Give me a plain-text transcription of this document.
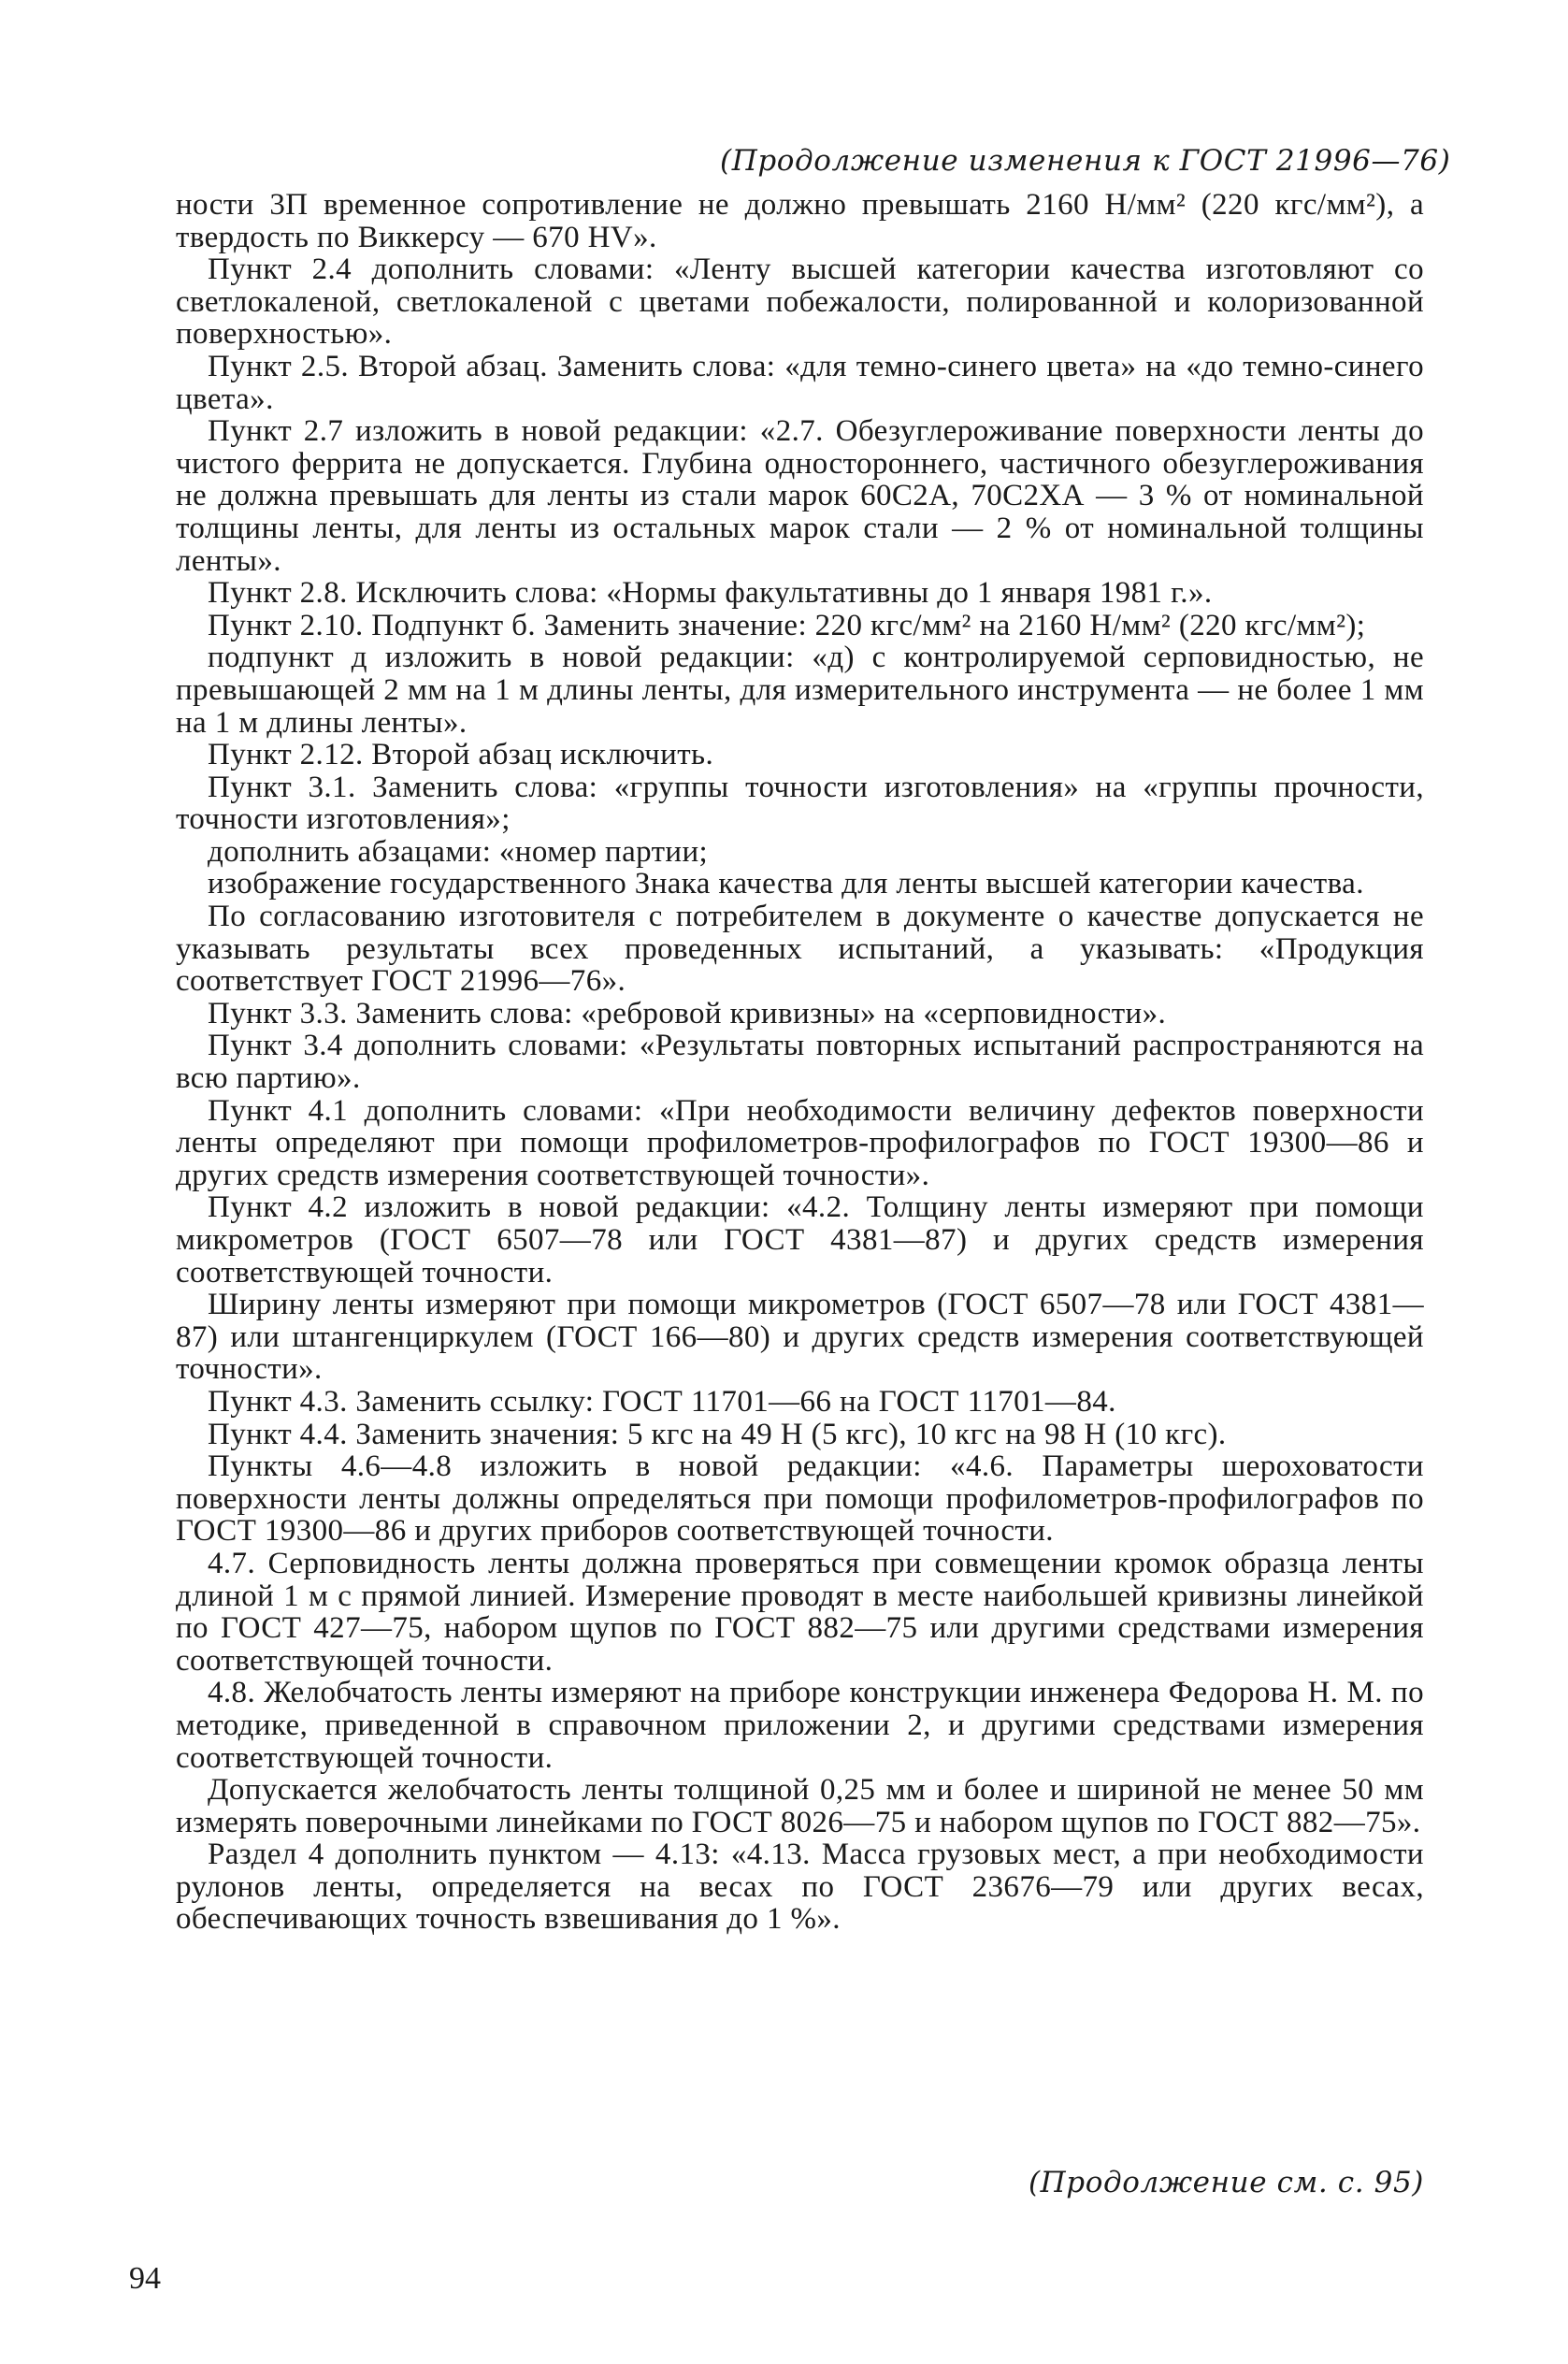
(Продолжение изменения к ГОСТ 21996—76)

ности 3П временное сопротивление не должно превышать 2160 Н/мм² (220 кгс/мм²), а твердость по Виккерсу — 670 HV».

Пункт 2.4 дополнить словами: «Ленту высшей категории качества изготовляют со светлокаленой, светлокаленой с цветами побежалости, полированной и колоризованной поверхностью».

Пункт 2.5. Второй абзац. Заменить слова: «для темно-синего цвета» на «до темно-синего цвета».

Пункт 2.7 изложить в новой редакции: «2.7. Обезуглероживание поверхности ленты до чистого феррита не допускается. Глубина одностороннего, частичного обезуглероживания не должна превышать для ленты из стали марок 60С2А, 70С2ХА — 3 % от номинальной толщины ленты, для ленты из остальных марок стали — 2 % от номинальной толщины ленты».

Пункт 2.8. Исключить слова: «Нормы факультативны до 1 января 1981 г.».

Пункт 2.10. Подпункт б. Заменить значение: 220 кгс/мм² на 2160 Н/мм² (220 кгс/мм²);

подпункт д изложить в новой редакции: «д) с контролируемой серповидностью, не превышающей 2 мм на 1 м длины ленты, для измерительного инструмента — не более 1 мм на 1 м длины ленты».

Пункт 2.12. Второй абзац исключить.

Пункт 3.1. Заменить слова: «группы точности изготовления» на «группы прочности, точности изготовления»;

дополнить абзацами: «номер партии;

изображение государственного Знака качества для ленты высшей категории качества.

По согласованию изготовителя с потребителем в документе о качестве допускается не указывать результаты всех проведенных испытаний, а указывать: «Продукция соответствует ГОСТ 21996—76».

Пункт 3.3. Заменить слова: «ребровой кривизны» на «серповидности».

Пункт 3.4 дополнить словами: «Результаты повторных испытаний распространяются на всю партию».

Пункт 4.1 дополнить словами: «При необходимости величину дефектов поверхности ленты определяют при помощи профилометров-профилографов по ГОСТ 19300—86 и других средств измерения соответствующей точности».

Пункт 4.2 изложить в новой редакции: «4.2. Толщину ленты измеряют при помощи микрометров (ГОСТ 6507—78 или ГОСТ 4381—87) и других средств измерения соответствующей точности.

Ширину ленты измеряют при помощи микрометров (ГОСТ 6507—78 или ГОСТ 4381—87) или штангенциркулем (ГОСТ 166—80) и других средств измерения соответствующей точности».

Пункт 4.3. Заменить ссылку: ГОСТ 11701—66 на ГОСТ 11701—84.

Пункт 4.4. Заменить значения: 5 кгс на 49 Н (5 кгс), 10 кгс на 98 Н (10 кгс).

Пункты 4.6—4.8 изложить в новой редакции: «4.6. Параметры шероховатости поверхности ленты должны определяться при помощи профилометров-профилографов по ГОСТ 19300—86 и других приборов соответствующей точности.

4.7. Серповидность ленты должна проверяться при совмещении кромок образца ленты длиной 1 м с прямой линией. Измерение проводят в месте наибольшей кривизны линейкой по ГОСТ 427—75, набором щупов по ГОСТ 882—75 или другими средствами измерения соответствующей точности.

4.8. Желобчатость ленты измеряют на приборе конструкции инженера Федорова Н. М. по методике, приведенной в справочном приложении 2, и другими средствами измерения соответствующей точности.

Допускается желобчатость ленты толщиной 0,25 мм и более и шириной не менее 50 мм измерять поверочными линейками по ГОСТ 8026—75 и набором щупов по ГОСТ 882—75».

Раздел 4 дополнить пунктом — 4.13: «4.13. Масса грузовых мест, а при необходимости рулонов ленты, определяется на весах по ГОСТ 23676—79 или других весах, обеспечивающих точность взвешивания до 1 %».

(Продолжение см. с. 95)
94
